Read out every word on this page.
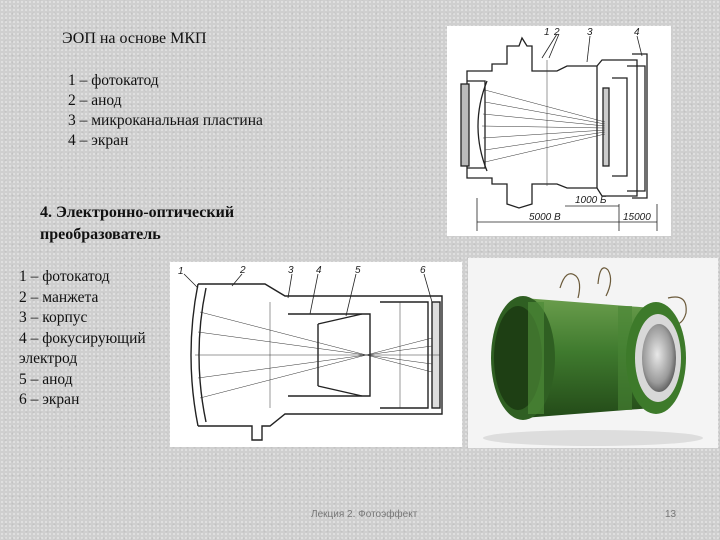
ЭОП на основе МКП
1 – фотокатод
2 – анод
3 – микроканальная пластина
4 – экран
4. Электронно-оптический
преобразователь
1 – фотокатод
2 – манжета
3 – корпус
4 – фокусирующий
электрод
5 – анод
6 – экран
1 2	3	4
1000 Б
5000 В	15000
1	2	3 4	5	6
Лекция 2. Фотоэффект	13
